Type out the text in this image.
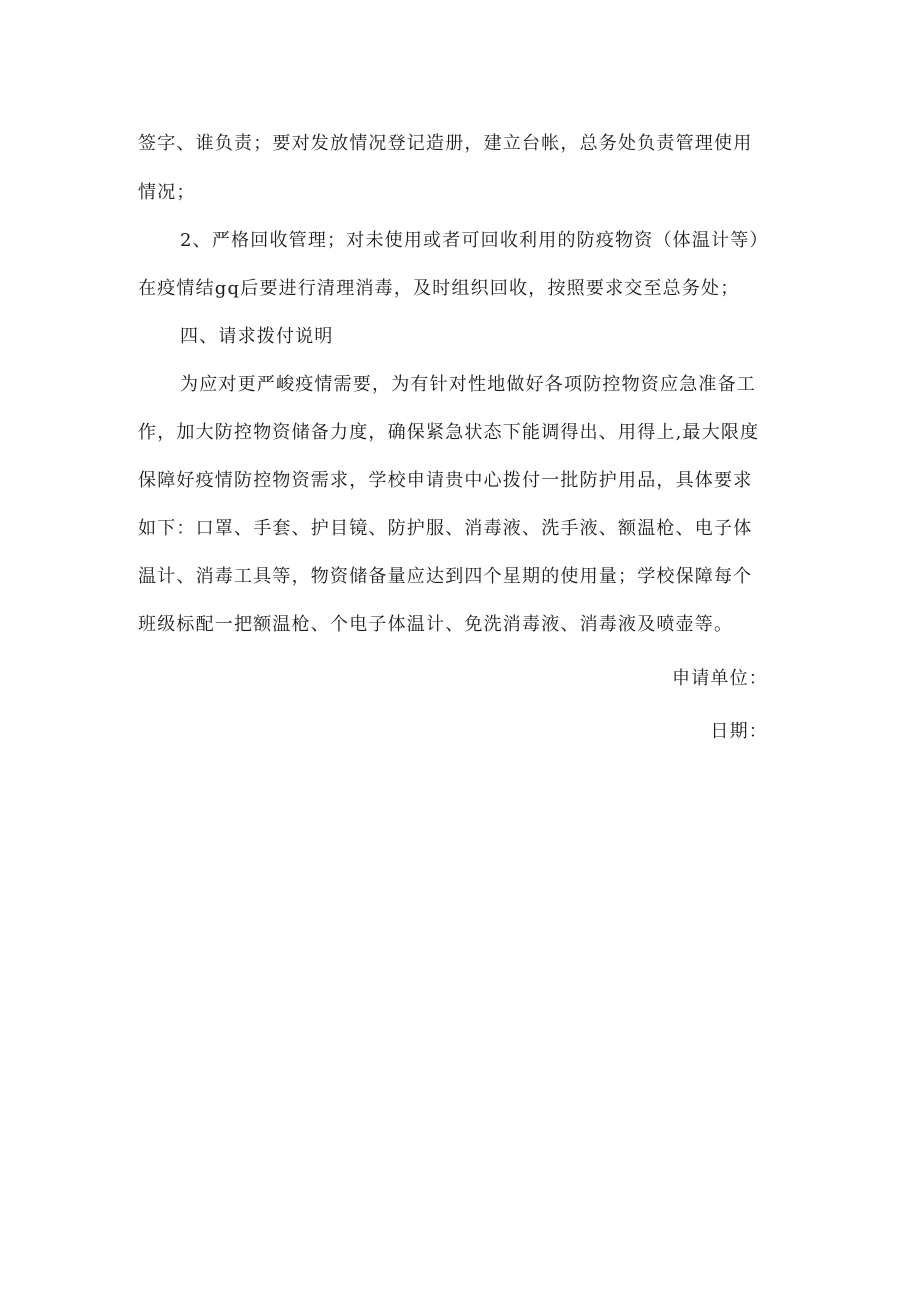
签字、谁负责；要对发放情况登记造册，建立台帐，总务处负责管理使用
情况；
2、严格回收管理；对未使用或者可回收利用的防疫物资（体温计等）
在疫情结gq后要进行清理消毒，及时组织回收，按照要求交至总务处；
四、请求拨付说明
为应对更严峻疫情需要，为有针对性地做好各项防控物资应急准备工
作，加大防控物资储备力度，确保紧急状态下能调得出、用得上,最大限度
保障好疫情防控物资需求，学校申请贵中心拨付一批防护用品，具体要求
如下：口罩、手套、护目镜、防护服、消毒液、洗手液、额温枪、电子体
温计、消毒工具等，物资储备量应达到四个星期的使用量；学校保障每个
班级标配一把额温枪、个电子体温计、免洗消毒液、消毒液及喷壶等。
申请单位：
日期：
